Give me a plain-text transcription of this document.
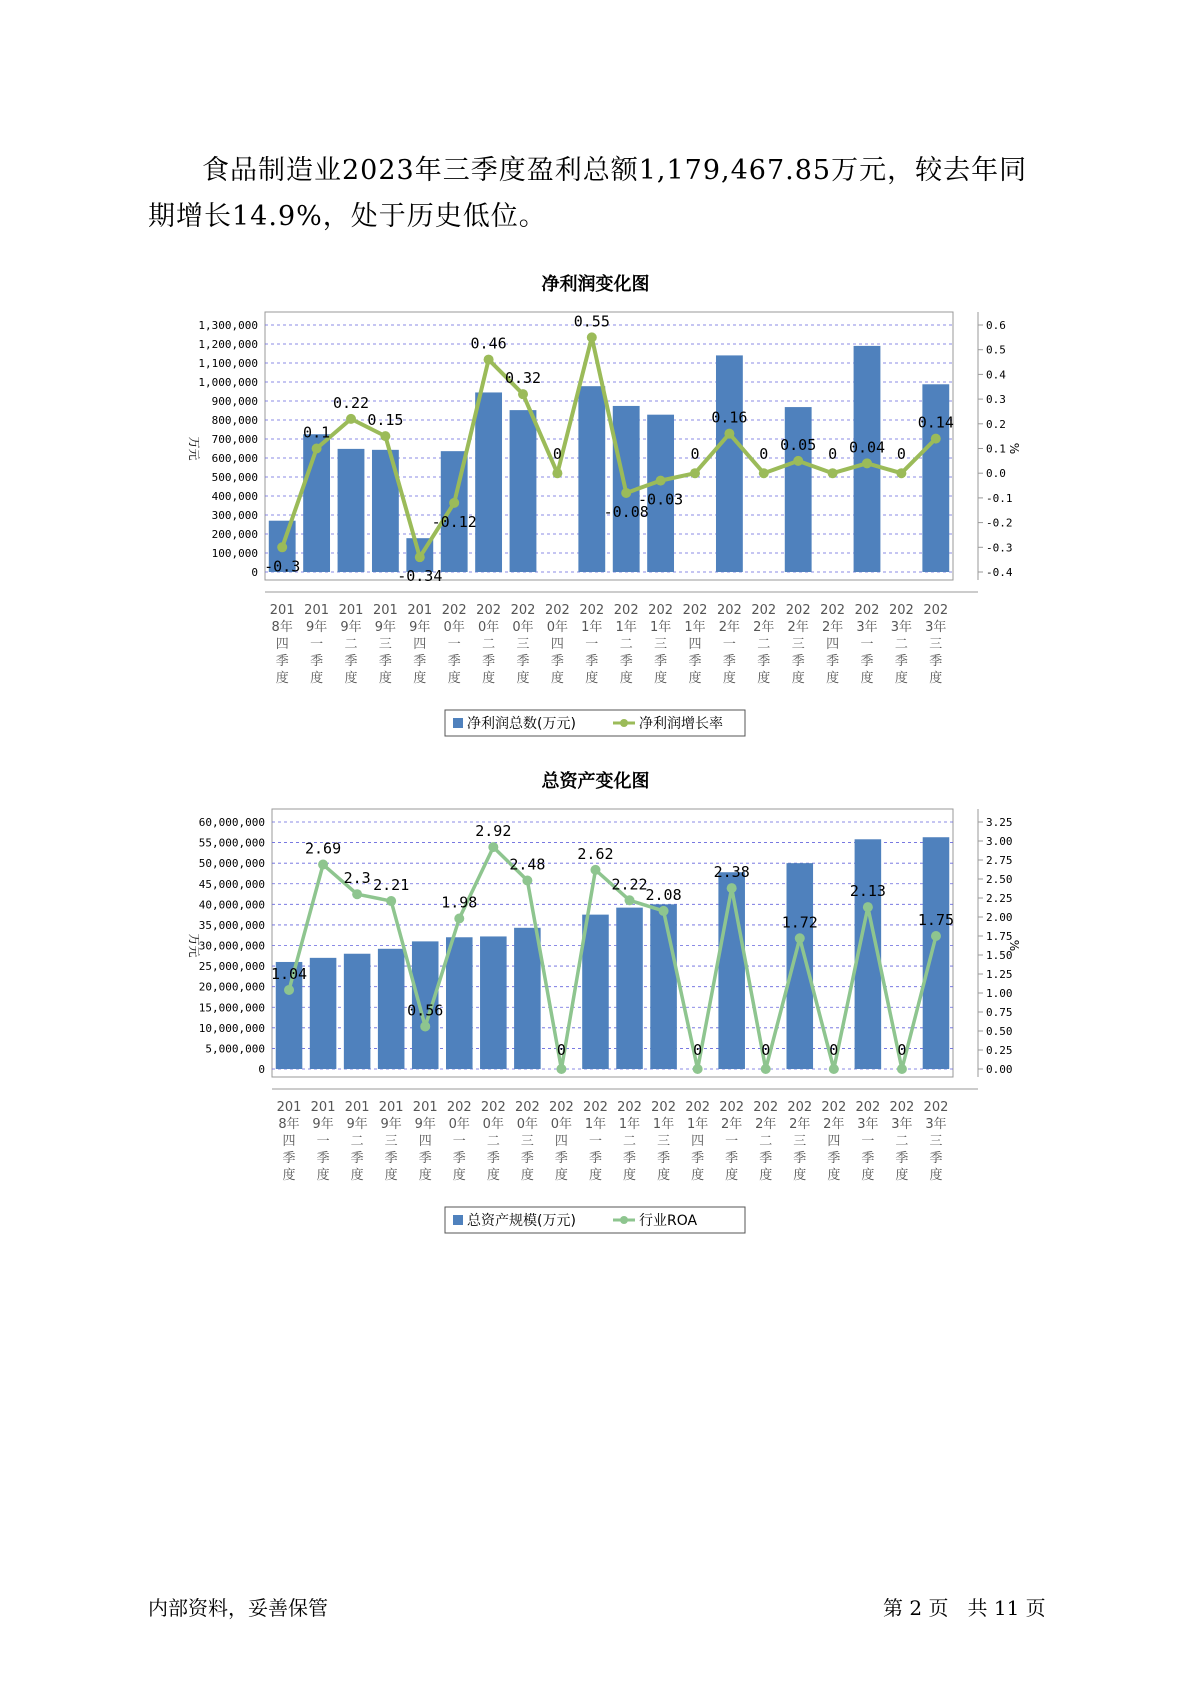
食品制造业2023年三季度盈利总额1,179,467.85万元，较去年同期增长14.9%，处于历史低位。

净利润变化图
0
100,000
200,000
300,000
400,000
500,000
600,000
700,000
800,000
900,000
1,000,000
1,100,000
1,200,000
1,300,000
-0.4
-0.3
-0.2
-0.1
0.0
0.1
0.2
0.3
0.4
0.5
0.6
万元	%
-0.3
0.1
0.22
0.15
-0.34
-0.12
0.46
0.32
0
0.55
-0.08
-0.03
0
0.16
0
0.05
0 0.04 0
0.14
201
8年
四
季
度
201
9年
一
季
度
201
9年
二
季
度
201
9年
三
季
度
201
9年
四
季
度
202
0年
一
季
度
202
0年
二
季
度
202
0年
三
季
度
202
0年
四
季
度
202
1年
一
季
度
202
1年
二
季
度
202
1年
三
季
度
202
1年
四
季
度
202
2年
一
季
度
202
2年
二
季
度
202
2年
三
季
度
202
2年
四
季
度
202
3年
一
季
度
202
3年
二
季
度
202
3年
三
季
度
净利润总数(万元)	净利润增长率
总资产变化图
0
5,000,000
10,000,000
15,000,000
20,000,000
25,000,000
30,000,000
35,000,000
40,000,000
45,000,000
50,000,000
55,000,000
60,000,000
0.00
0.25
0.50
0.75
1.00
1.25
1.50
1.75
2.00
2.25
2.50
2.75
3.00
3.25
万元	%
1.04
2.69
2.3 2.21
0.56
1.98
2.92
2.48
0
2.62
2.22
2.08
0
2.38
0
1.72
0
2.13
0
1.75
201
8年
四
季
度
201
9年
一
季
度
201
9年
二
季
度
201
9年
三
季
度
201
9年
四
季
度
202
0年
一
季
度
202
0年
二
季
度
202
0年
三
季
度
202
0年
四
季
度
202
1年
一
季
度
202
1年
二
季
度
202
1年
三
季
度
202
1年
四
季
度
202
2年
一
季
度
202
2年
二
季
度
202
2年
三
季
度
202
2年
四
季
度
202
3年
一
季
度
202
3年
二
季
度
202
3年
三
季
度
总资产规模(万元)	行业ROA
内部资料，妥善保管	第 2 页   共 11 页
